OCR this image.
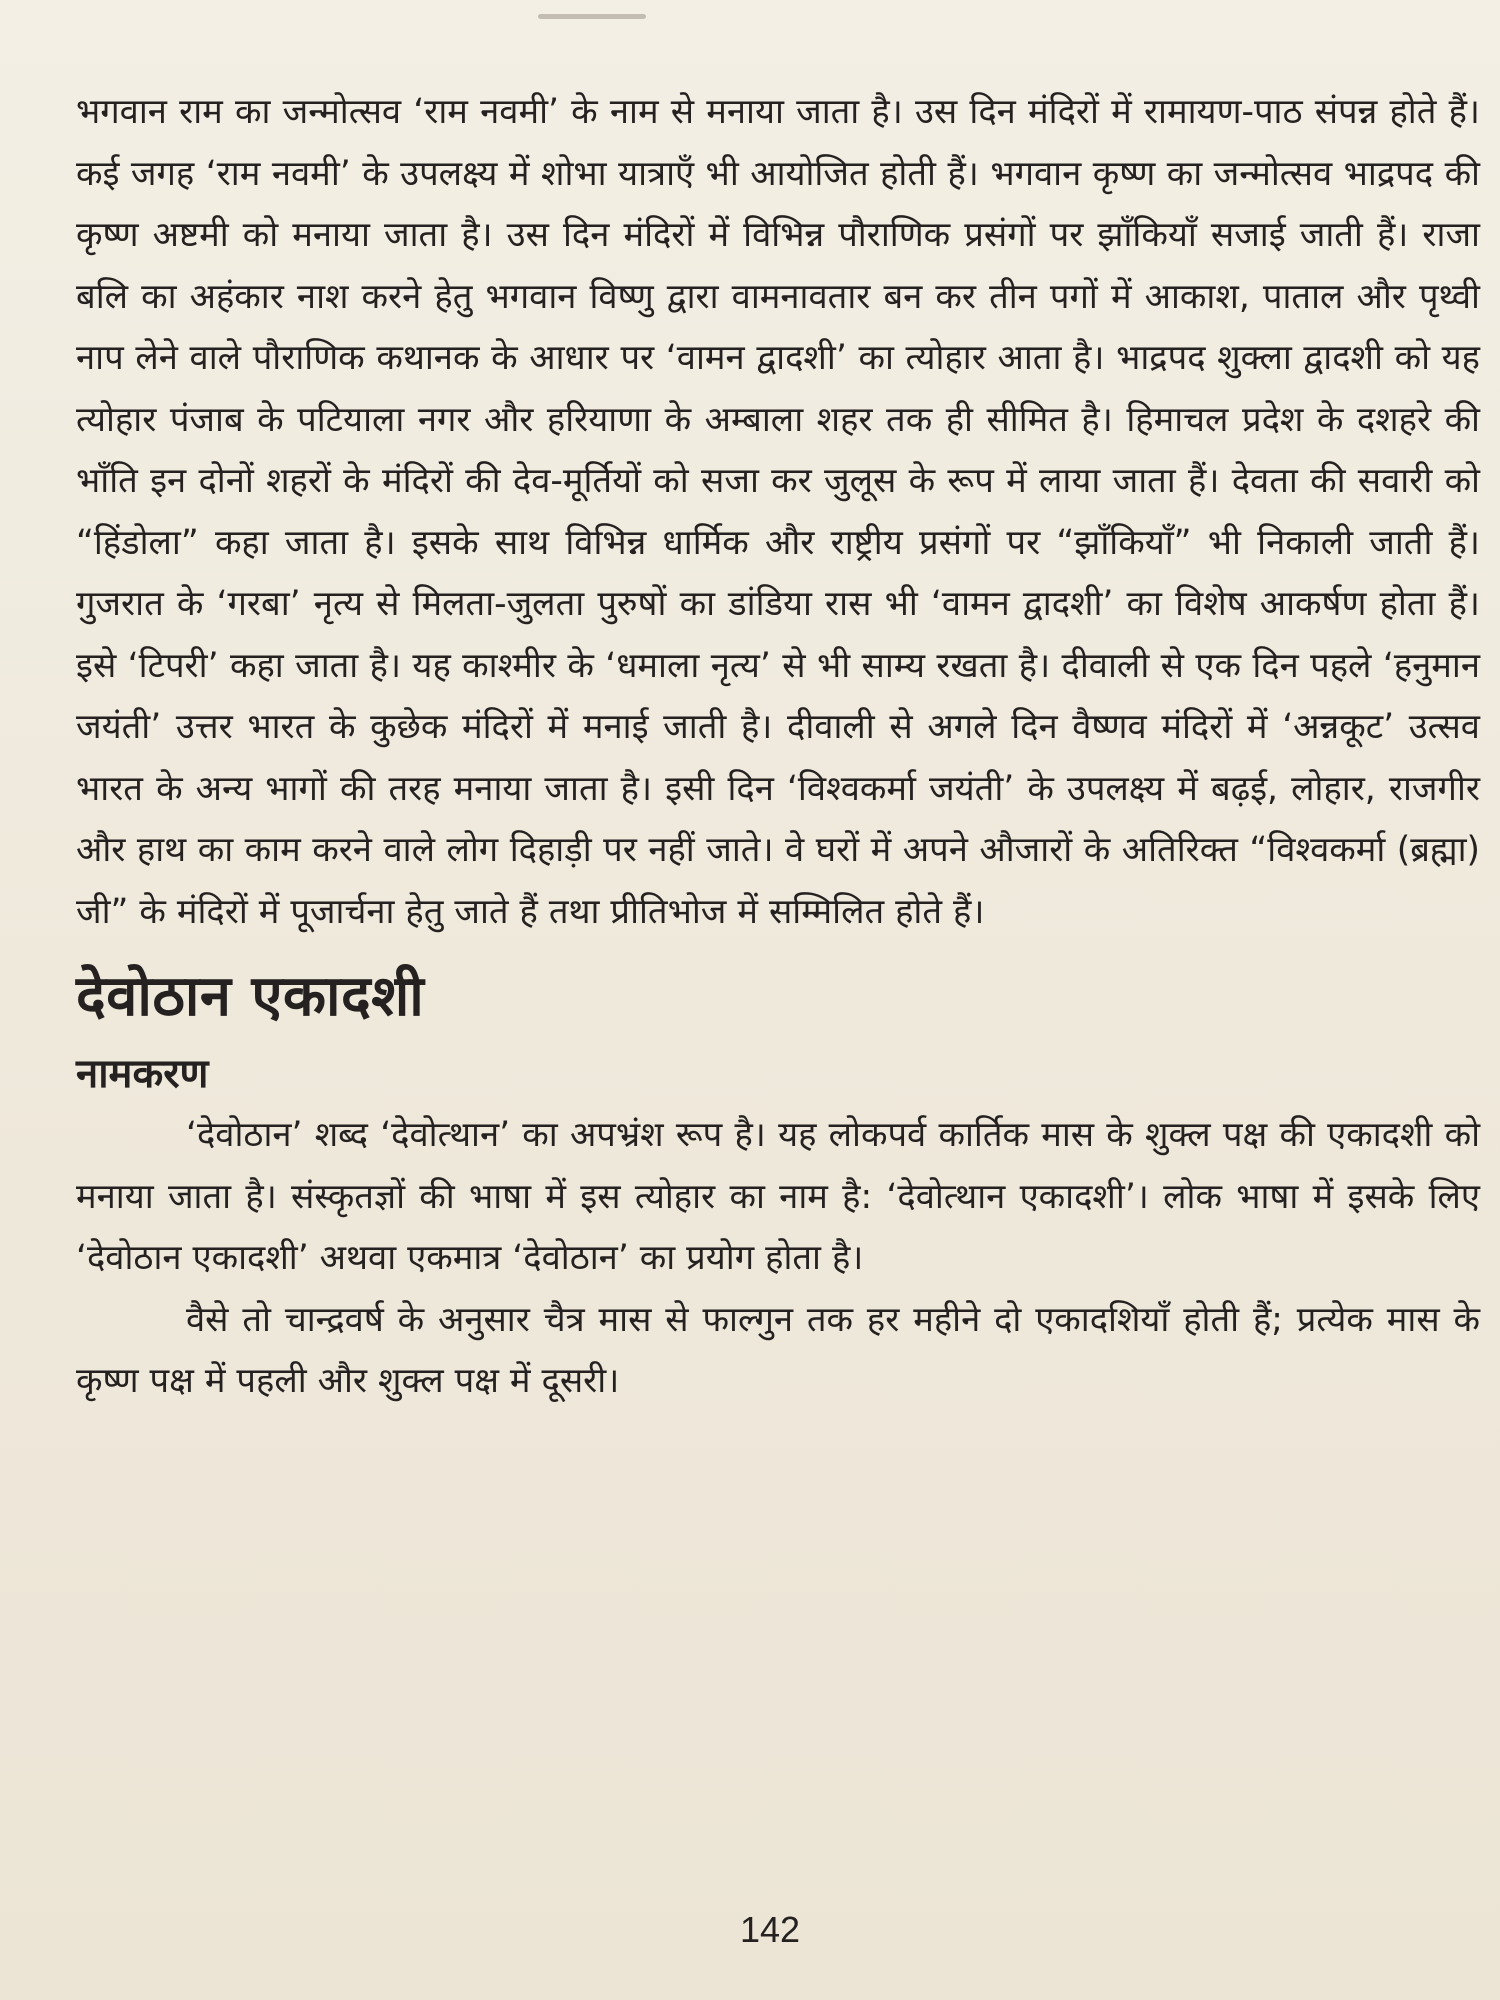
भगवान राम का जन्मोत्सव ‘राम नवमी’ के नाम से मनाया जाता है। उस दिन मंदिरों में रामायण-पाठ संपन्न होते हैं। कई जगह ‘राम नवमी’ के उपलक्ष्य में शोभा यात्राएँ भी आयोजित होती हैं। भगवान कृष्ण का जन्मोत्सव भाद्रपद की कृष्ण अष्टमी को मनाया जाता है। उस दिन मंदिरों में विभिन्न पौराणिक प्रसंगों पर झाँकियाँ सजाई जाती हैं। राजा बलि का अहंकार नाश करने हेतु भगवान विष्णु द्वारा वामनावतार बन कर तीन पगों में आकाश, पाताल और पृथ्वी नाप लेने वाले पौराणिक कथानक के आधार पर ‘वामन द्वादशी’ का त्योहार आता है। भाद्रपद शुक्ला द्वादशी को यह त्योहार पंजाब के पटियाला नगर और हरियाणा के अम्बाला शहर तक ही सीमित है। हिमाचल प्रदेश के दशहरे की भाँति इन दोनों शहरों के मंदिरों की देव-मूर्तियों को सजा कर जुलूस के रूप में लाया जाता हैं। देवता की सवारी को “हिंडोला” कहा जाता है। इसके साथ विभिन्न धार्मिक और राष्ट्रीय प्रसंगों पर “झाँकियाँ” भी निकाली जाती हैं। गुजरात के ‘गरबा’ नृत्य से मिलता-जुलता पुरुषों का डांडिया रास भी ‘वामन द्वादशी’ का विशेष आकर्षण होता हैं। इसे ‘टिपरी’ कहा जाता है। यह काश्मीर के ‘धमाला नृत्य’ से भी साम्य रखता है। दीवाली से एक दिन पहले ‘हनुमान जयंती’ उत्तर भारत के कुछेक मंदिरों में मनाई जाती है। दीवाली से अगले दिन वैष्णव मंदिरों में ‘अन्नकूट’ उत्सव भारत के अन्य भागों की तरह मनाया जाता है। इसी दिन ‘विश्वकर्मा जयंती’ के उपलक्ष्य में बढ़ई, लोहार, राजगीर और हाथ का काम करने वाले लोग दिहाड़ी पर नहीं जाते। वे घरों में अपने औजारों के अतिरिक्त “विश्वकर्मा (ब्रह्मा) जी” के मंदिरों में पूजार्चना हेतु जाते हैं तथा प्रीतिभोज में सम्मिलित होते हैं।

देवोठान एकादशी
नामकरण

‘देवोठान’ शब्द ‘देवोत्थान’ का अपभ्रंश रूप है। यह लोकपर्व कार्तिक मास के शुक्ल पक्ष की एकादशी को मनाया जाता है। संस्कृतज्ञों की भाषा में इस त्योहार का नाम है: ‘देवोत्थान एकादशी’। लोक भाषा में इसके लिए ‘देवोठान एकादशी’ अथवा एकमात्र ‘देवोठान’ का प्रयोग होता है।

वैसे तो चान्द्रवर्ष के अनुसार चैत्र मास से फाल्गुन तक हर महीने दो एकादशियाँ होती हैं; प्रत्येक मास के कृष्ण पक्ष में पहली और शुक्ल पक्ष में दूसरी।

142
